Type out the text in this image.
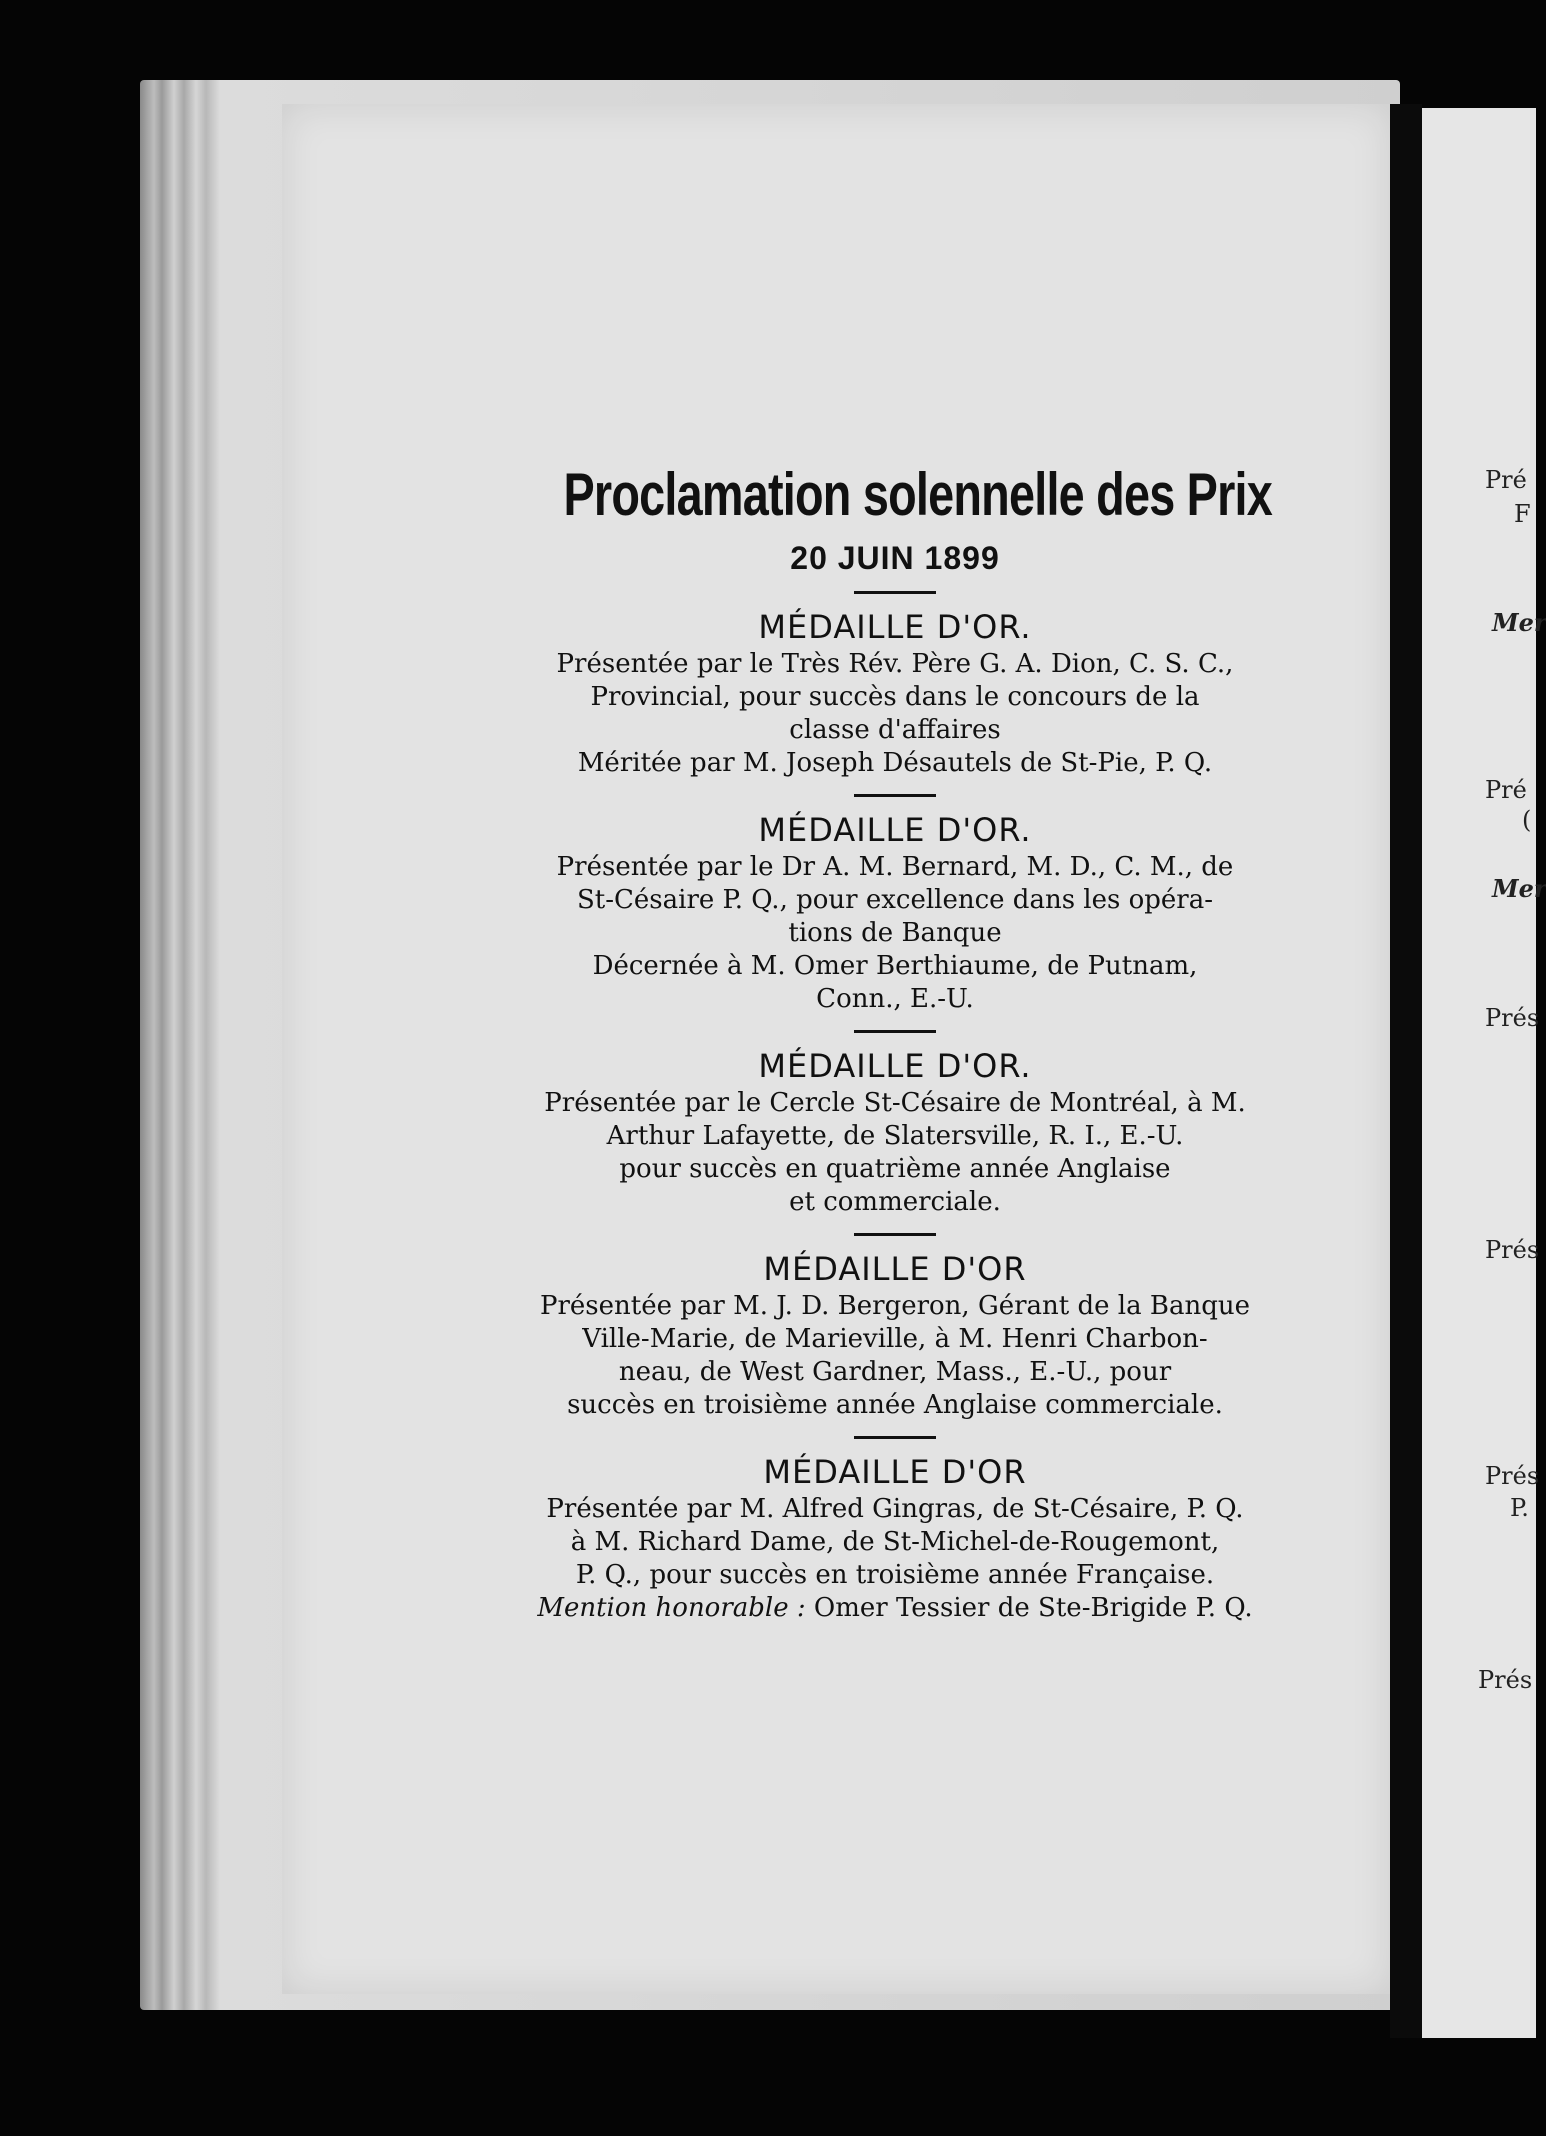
Proclamation solennelle des Prix

20 JUIN 1899

MÉDAILLE D'OR.

Présentée par le Très Rév. Père G. A. Dion, C. S. C.,

Provincial, pour succès dans le concours de la

classe d'affaires

Méritée par M. Joseph Désautels de St-Pie, P. Q.

MÉDAILLE D'OR.

Présentée par le Dr A. M. Bernard, M. D., C. M., de

St-Césaire P. Q., pour excellence dans les opéra-

tions de Banque

Décernée à M. Omer Berthiaume, de Putnam,

Conn., E.-U.

MÉDAILLE D'OR.

Présentée par le Cercle St-Césaire de Montréal, à M.

Arthur Lafayette, de Slatersville, R. I., E.-U.

pour succès en quatrième année Anglaise

et commerciale.

MÉDAILLE D'OR

Présentée par M. J. D. Bergeron, Gérant de la Banque

Ville-Marie, de Marieville, à M. Henri Charbon-

neau, de West Gardner, Mass., E.-U., pour

succès en troisième année Anglaise commerciale.

MÉDAILLE D'OR

Présentée par M. Alfred Gingras, de St-Césaire, P. Q.

à M. Richard Dame, de St-Michel-de-Rougemont,

P. Q., pour succès en troisième année Française.

Mention honorable : Omer Tessier de Ste-Brigide P. Q.

Pré
F
Mer
Pré
(
Mer
Prés
Prés
Prés
P.
Prés
